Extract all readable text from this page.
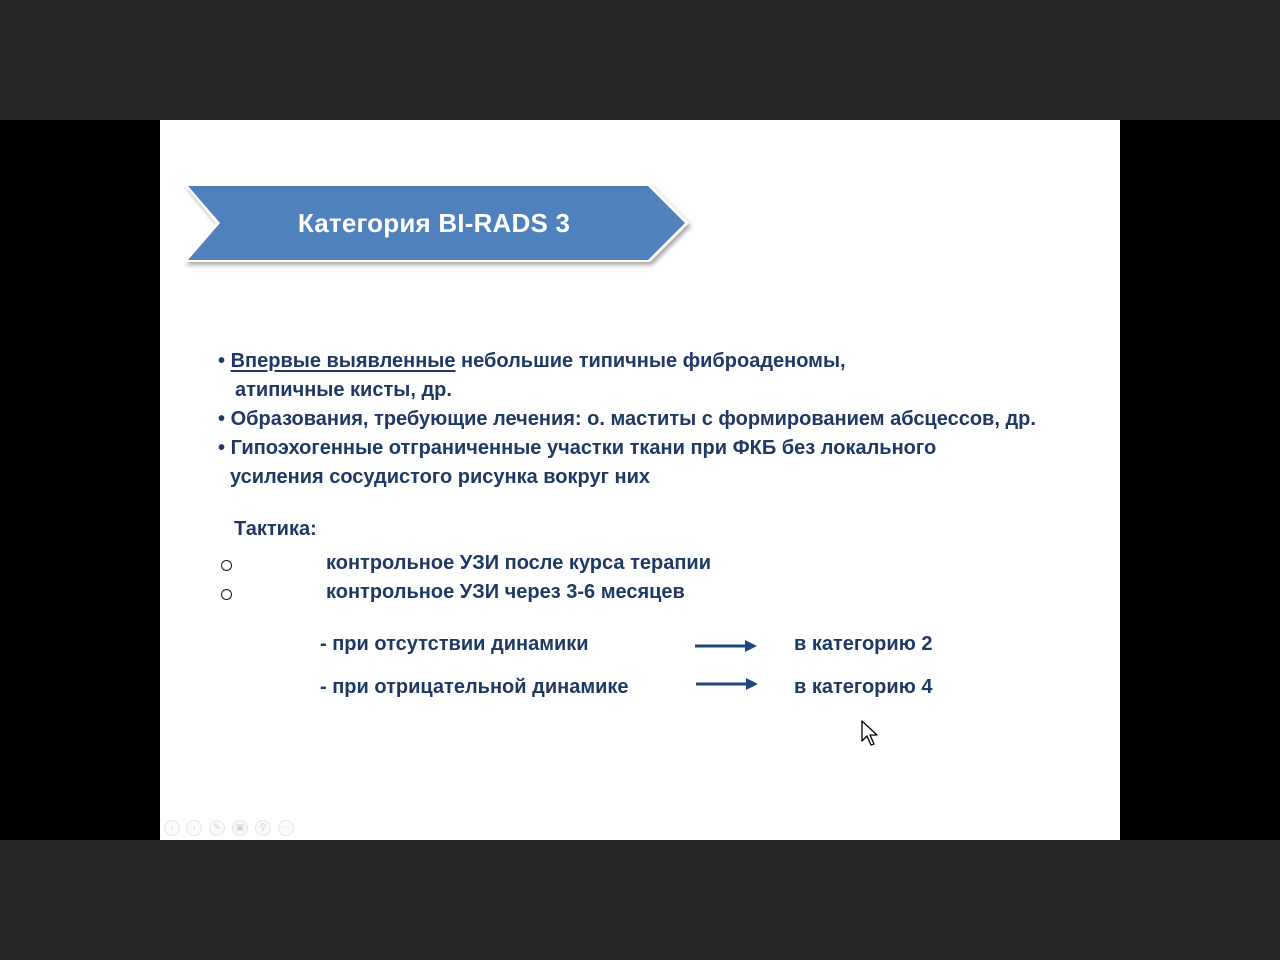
Категория BI-RADS 3
• Впервые выявленные небольшие типичные фиброаденомы,
атипичные кисты, др.
• Образования, требующие лечения: о. маститы с формированием абсцессов, др.
• Гипоэхогенные отграниченные участки ткани при ФКБ без локального
усиления сосудистого рисунка вокруг них
Тактика:
контрольное УЗИ после курса терапии
контрольное УЗИ через 3-6 месяцев
- при отсутствии динамики	в категорию 2
- при отрицательной динамике	в категорию 4
‹	›	✎	▣	⚲	⋯
